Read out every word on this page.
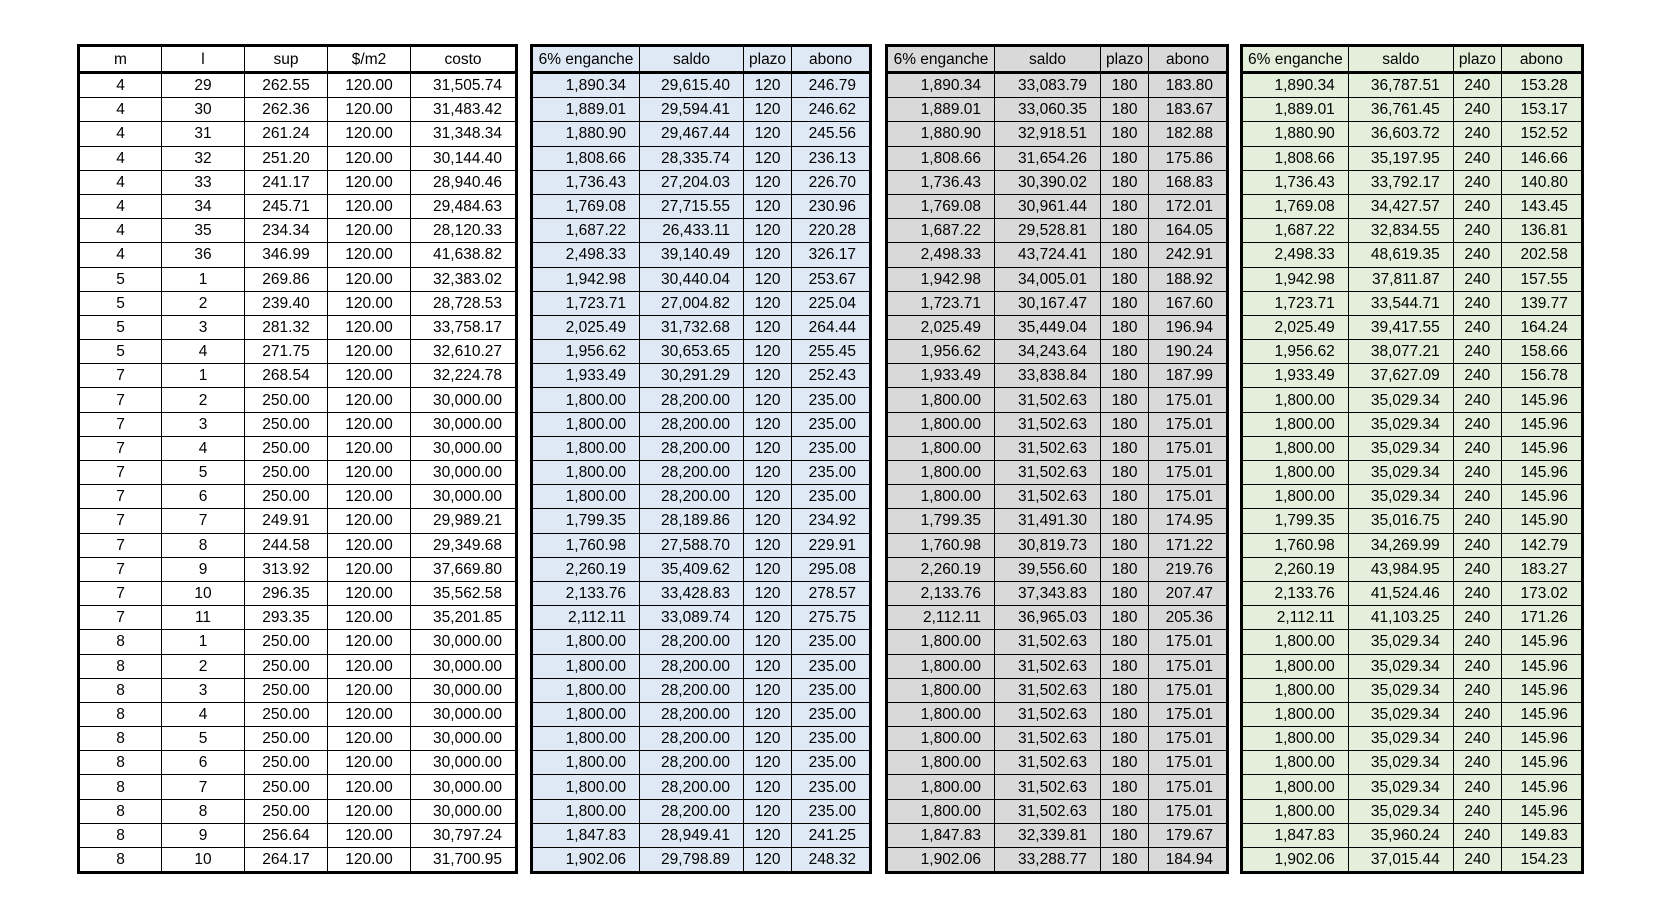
m	l	sup	$/m2	costo
4	29	262.55	120.00	31,505.74
4	30	262.36	120.00	31,483.42
4	31	261.24	120.00	31,348.34
4	32	251.20	120.00	30,144.40
4	33	241.17	120.00	28,940.46
4	34	245.71	120.00	29,484.63
4	35	234.34	120.00	28,120.33
4	36	346.99	120.00	41,638.82
5	1	269.86	120.00	32,383.02
5	2	239.40	120.00	28,728.53
5	3	281.32	120.00	33,758.17
5	4	271.75	120.00	32,610.27
7	1	268.54	120.00	32,224.78
7	2	250.00	120.00	30,000.00
7	3	250.00	120.00	30,000.00
7	4	250.00	120.00	30,000.00
7	5	250.00	120.00	30,000.00
7	6	250.00	120.00	30,000.00
7	7	249.91	120.00	29,989.21
7	8	244.58	120.00	29,349.68
7	9	313.92	120.00	37,669.80
7	10	296.35	120.00	35,562.58
7	11	293.35	120.00	35,201.85
8	1	250.00	120.00	30,000.00
8	2	250.00	120.00	30,000.00
8	3	250.00	120.00	30,000.00
8	4	250.00	120.00	30,000.00
8	5	250.00	120.00	30,000.00
8	6	250.00	120.00	30,000.00
8	7	250.00	120.00	30,000.00
8	8	250.00	120.00	30,000.00
8	9	256.64	120.00	30,797.24
8	10	264.17	120.00	31,700.95
6% enganche	saldo	plazo	abono
1,890.34	29,615.40	120	246.79
1,889.01	29,594.41	120	246.62
1,880.90	29,467.44	120	245.56
1,808.66	28,335.74	120	236.13
1,736.43	27,204.03	120	226.70
1,769.08	27,715.55	120	230.96
1,687.22	26,433.11	120	220.28
2,498.33	39,140.49	120	326.17
1,942.98	30,440.04	120	253.67
1,723.71	27,004.82	120	225.04
2,025.49	31,732.68	120	264.44
1,956.62	30,653.65	120	255.45
1,933.49	30,291.29	120	252.43
1,800.00	28,200.00	120	235.00
1,800.00	28,200.00	120	235.00
1,800.00	28,200.00	120	235.00
1,800.00	28,200.00	120	235.00
1,800.00	28,200.00	120	235.00
1,799.35	28,189.86	120	234.92
1,760.98	27,588.70	120	229.91
2,260.19	35,409.62	120	295.08
2,133.76	33,428.83	120	278.57
2,112.11	33,089.74	120	275.75
1,800.00	28,200.00	120	235.00
1,800.00	28,200.00	120	235.00
1,800.00	28,200.00	120	235.00
1,800.00	28,200.00	120	235.00
1,800.00	28,200.00	120	235.00
1,800.00	28,200.00	120	235.00
1,800.00	28,200.00	120	235.00
1,800.00	28,200.00	120	235.00
1,847.83	28,949.41	120	241.25
1,902.06	29,798.89	120	248.32
6% enganche	saldo	plazo	abono
1,890.34	33,083.79	180	183.80
1,889.01	33,060.35	180	183.67
1,880.90	32,918.51	180	182.88
1,808.66	31,654.26	180	175.86
1,736.43	30,390.02	180	168.83
1,769.08	30,961.44	180	172.01
1,687.22	29,528.81	180	164.05
2,498.33	43,724.41	180	242.91
1,942.98	34,005.01	180	188.92
1,723.71	30,167.47	180	167.60
2,025.49	35,449.04	180	196.94
1,956.62	34,243.64	180	190.24
1,933.49	33,838.84	180	187.99
1,800.00	31,502.63	180	175.01
1,800.00	31,502.63	180	175.01
1,800.00	31,502.63	180	175.01
1,800.00	31,502.63	180	175.01
1,800.00	31,502.63	180	175.01
1,799.35	31,491.30	180	174.95
1,760.98	30,819.73	180	171.22
2,260.19	39,556.60	180	219.76
2,133.76	37,343.83	180	207.47
2,112.11	36,965.03	180	205.36
1,800.00	31,502.63	180	175.01
1,800.00	31,502.63	180	175.01
1,800.00	31,502.63	180	175.01
1,800.00	31,502.63	180	175.01
1,800.00	31,502.63	180	175.01
1,800.00	31,502.63	180	175.01
1,800.00	31,502.63	180	175.01
1,800.00	31,502.63	180	175.01
1,847.83	32,339.81	180	179.67
1,902.06	33,288.77	180	184.94
6% enganche	saldo	plazo	abono
1,890.34	36,787.51	240	153.28
1,889.01	36,761.45	240	153.17
1,880.90	36,603.72	240	152.52
1,808.66	35,197.95	240	146.66
1,736.43	33,792.17	240	140.80
1,769.08	34,427.57	240	143.45
1,687.22	32,834.55	240	136.81
2,498.33	48,619.35	240	202.58
1,942.98	37,811.87	240	157.55
1,723.71	33,544.71	240	139.77
2,025.49	39,417.55	240	164.24
1,956.62	38,077.21	240	158.66
1,933.49	37,627.09	240	156.78
1,800.00	35,029.34	240	145.96
1,800.00	35,029.34	240	145.96
1,800.00	35,029.34	240	145.96
1,800.00	35,029.34	240	145.96
1,800.00	35,029.34	240	145.96
1,799.35	35,016.75	240	145.90
1,760.98	34,269.99	240	142.79
2,260.19	43,984.95	240	183.27
2,133.76	41,524.46	240	173.02
2,112.11	41,103.25	240	171.26
1,800.00	35,029.34	240	145.96
1,800.00	35,029.34	240	145.96
1,800.00	35,029.34	240	145.96
1,800.00	35,029.34	240	145.96
1,800.00	35,029.34	240	145.96
1,800.00	35,029.34	240	145.96
1,800.00	35,029.34	240	145.96
1,800.00	35,029.34	240	145.96
1,847.83	35,960.24	240	149.83
1,902.06	37,015.44	240	154.23
